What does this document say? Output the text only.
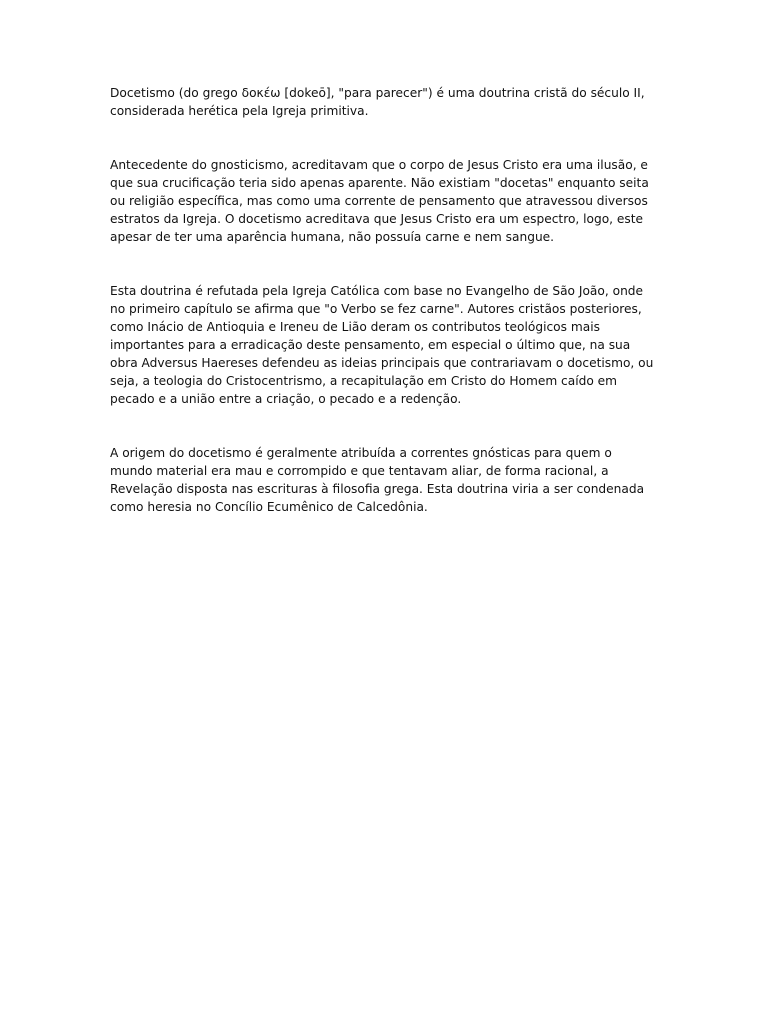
Docetismo (do grego δοκέω [dokeō], "para parecer") é uma doutrina cristã do século II, considerada herética pela Igreja primitiva.

Antecedente do gnosticismo, acreditavam que o corpo de Jesus Cristo era uma ilusão, e que sua crucificação teria sido apenas aparente. Não existiam "docetas" enquanto seita ou religião específica, mas como uma corrente de pensamento que atravessou diversos estratos da Igreja. O docetismo acreditava que Jesus Cristo era um espectro, logo, este apesar de ter uma aparência humana, não possuía carne e nem sangue.

Esta doutrina é refutada pela Igreja Católica com base no Evangelho de São João, onde no primeiro capítulo se afirma que "o Verbo se fez carne". Autores cristãos posteriores, como Inácio de Antioquia e Ireneu de Lião deram os contributos teológicos mais importantes para a erradicação deste pensamento, em especial o último que, na sua obra Adversus Haereses defendeu as ideias principais que contrariavam o docetismo, ou seja, a teologia do Cristocentrismo, a recapitulação em Cristo do Homem caído em pecado e a união entre a criação, o pecado e a redenção.

A origem do docetismo é geralmente atribuída a correntes gnósticas para quem o mundo material era mau e corrompido e que tentavam aliar, de forma racional, a Revelação disposta nas escrituras à filosofia grega. Esta doutrina viria a ser condenada como heresia no Concílio Ecumênico de Calcedônia.
